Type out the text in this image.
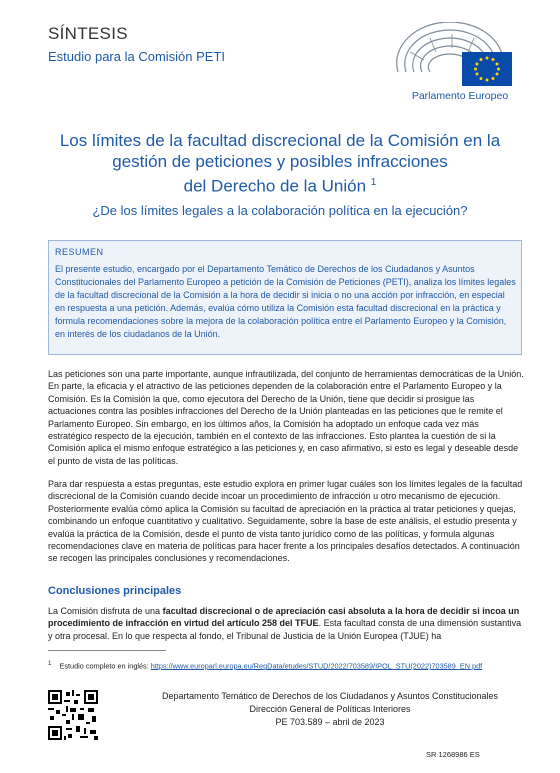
SÍNTESIS
Estudio para la Comisión PETI
Parlamento Europeo
Los límites de la facultad discrecional de la Comisión en la
gestión de peticiones y posibles infracciones
del Derecho de la Unión $^1$
¿De los límites legales a la colaboración política en la ejecución?
RESUMEN
El presente estudio, encargado por el Departamento Temático de Derechos de los Ciudadanos y Asuntos Constitucionales del Parlamento Europeo a petición de la Comisión de Peticiones (PETI), analiza los límites legales de la facultad discrecional de la Comisión a la hora de decidir si inicia o no una acción por infracción, en especial en respuesta a una petición. Además, evalúa cómo utiliza la Comisión esta facultad discrecional en la práctica y formula recomendaciones sobre la mejora de la colaboración política entre el Parlamento Europeo y la Comisión, en interés de los ciudadanos de la Unión.
Las peticiones son una parte importante, aunque infrautilizada, del conjunto de herramientas democráticas de la Unión. En parte, la eficacia y el atractivo de las peticiones dependen de la colaboración entre el Parlamento Europeo y la Comisión. Es la Comisión la que, como ejecutora del Derecho de la Unión, tiene que decidir si prosigue las actuaciones contra las posibles infracciones del Derecho de la Unión planteadas en las peticiones que le remite el Parlamento Europeo. Sin embargo, en los últimos años, la Comisión ha adoptado un enfoque cada vez más estratégico respecto de la ejecución, también en el contexto de las infracciones. Esto plantea la cuestión de si la Comisión aplica el mismo enfoque estratégico a las peticiones y, en caso afirmativo, si esto es legal y deseable desde el punto de vista de las políticas.
Para dar respuesta a estas preguntas, este estudio explora en primer lugar cuáles son los límites legales de la facultad discrecional de la Comisión cuando decide incoar un procedimiento de infracción u otro mecanismo de ejecución. Posteriormente evalúa cómo aplica la Comisión su facultad de apreciación en la práctica al tratar peticiones y quejas, combinando un enfoque cuantitativo y cualitativo. Seguidamente, sobre la base de este análisis, el estudio presenta y evalúa la práctica de la Comisión, desde el punto de vista tanto jurídico como de las políticas, y formula algunas recomendaciones clave en materia de políticas para hacer frente a los principales desafíos detectados. A continuación se recogen las principales conclusiones y recomendaciones.
Conclusiones principales
La Comisión disfruta de una facultad discrecional o de apreciación casi absoluta a la hora de decidir si incoa un procedimiento de infracción en virtud del artículo 258 del TFUE. Esta facultad consta de una dimensión sustantiva y otra procesal. En lo que respecta al fondo, el Tribunal de Justicia de la Unión Europea (TJUE) ha
$^1$ Estudio completo en inglés: https://www.europarl.europa.eu/RegData/etudes/STUD/2022/703589/IPOL_STU(2022)703589_EN.pdf
Departamento Temático de Derechos de los Ciudadanos y Asuntos Constitucionales
Dirección General de Políticas Interiores
PE 703.589 – abril de 2023
SR 1268986 ES
